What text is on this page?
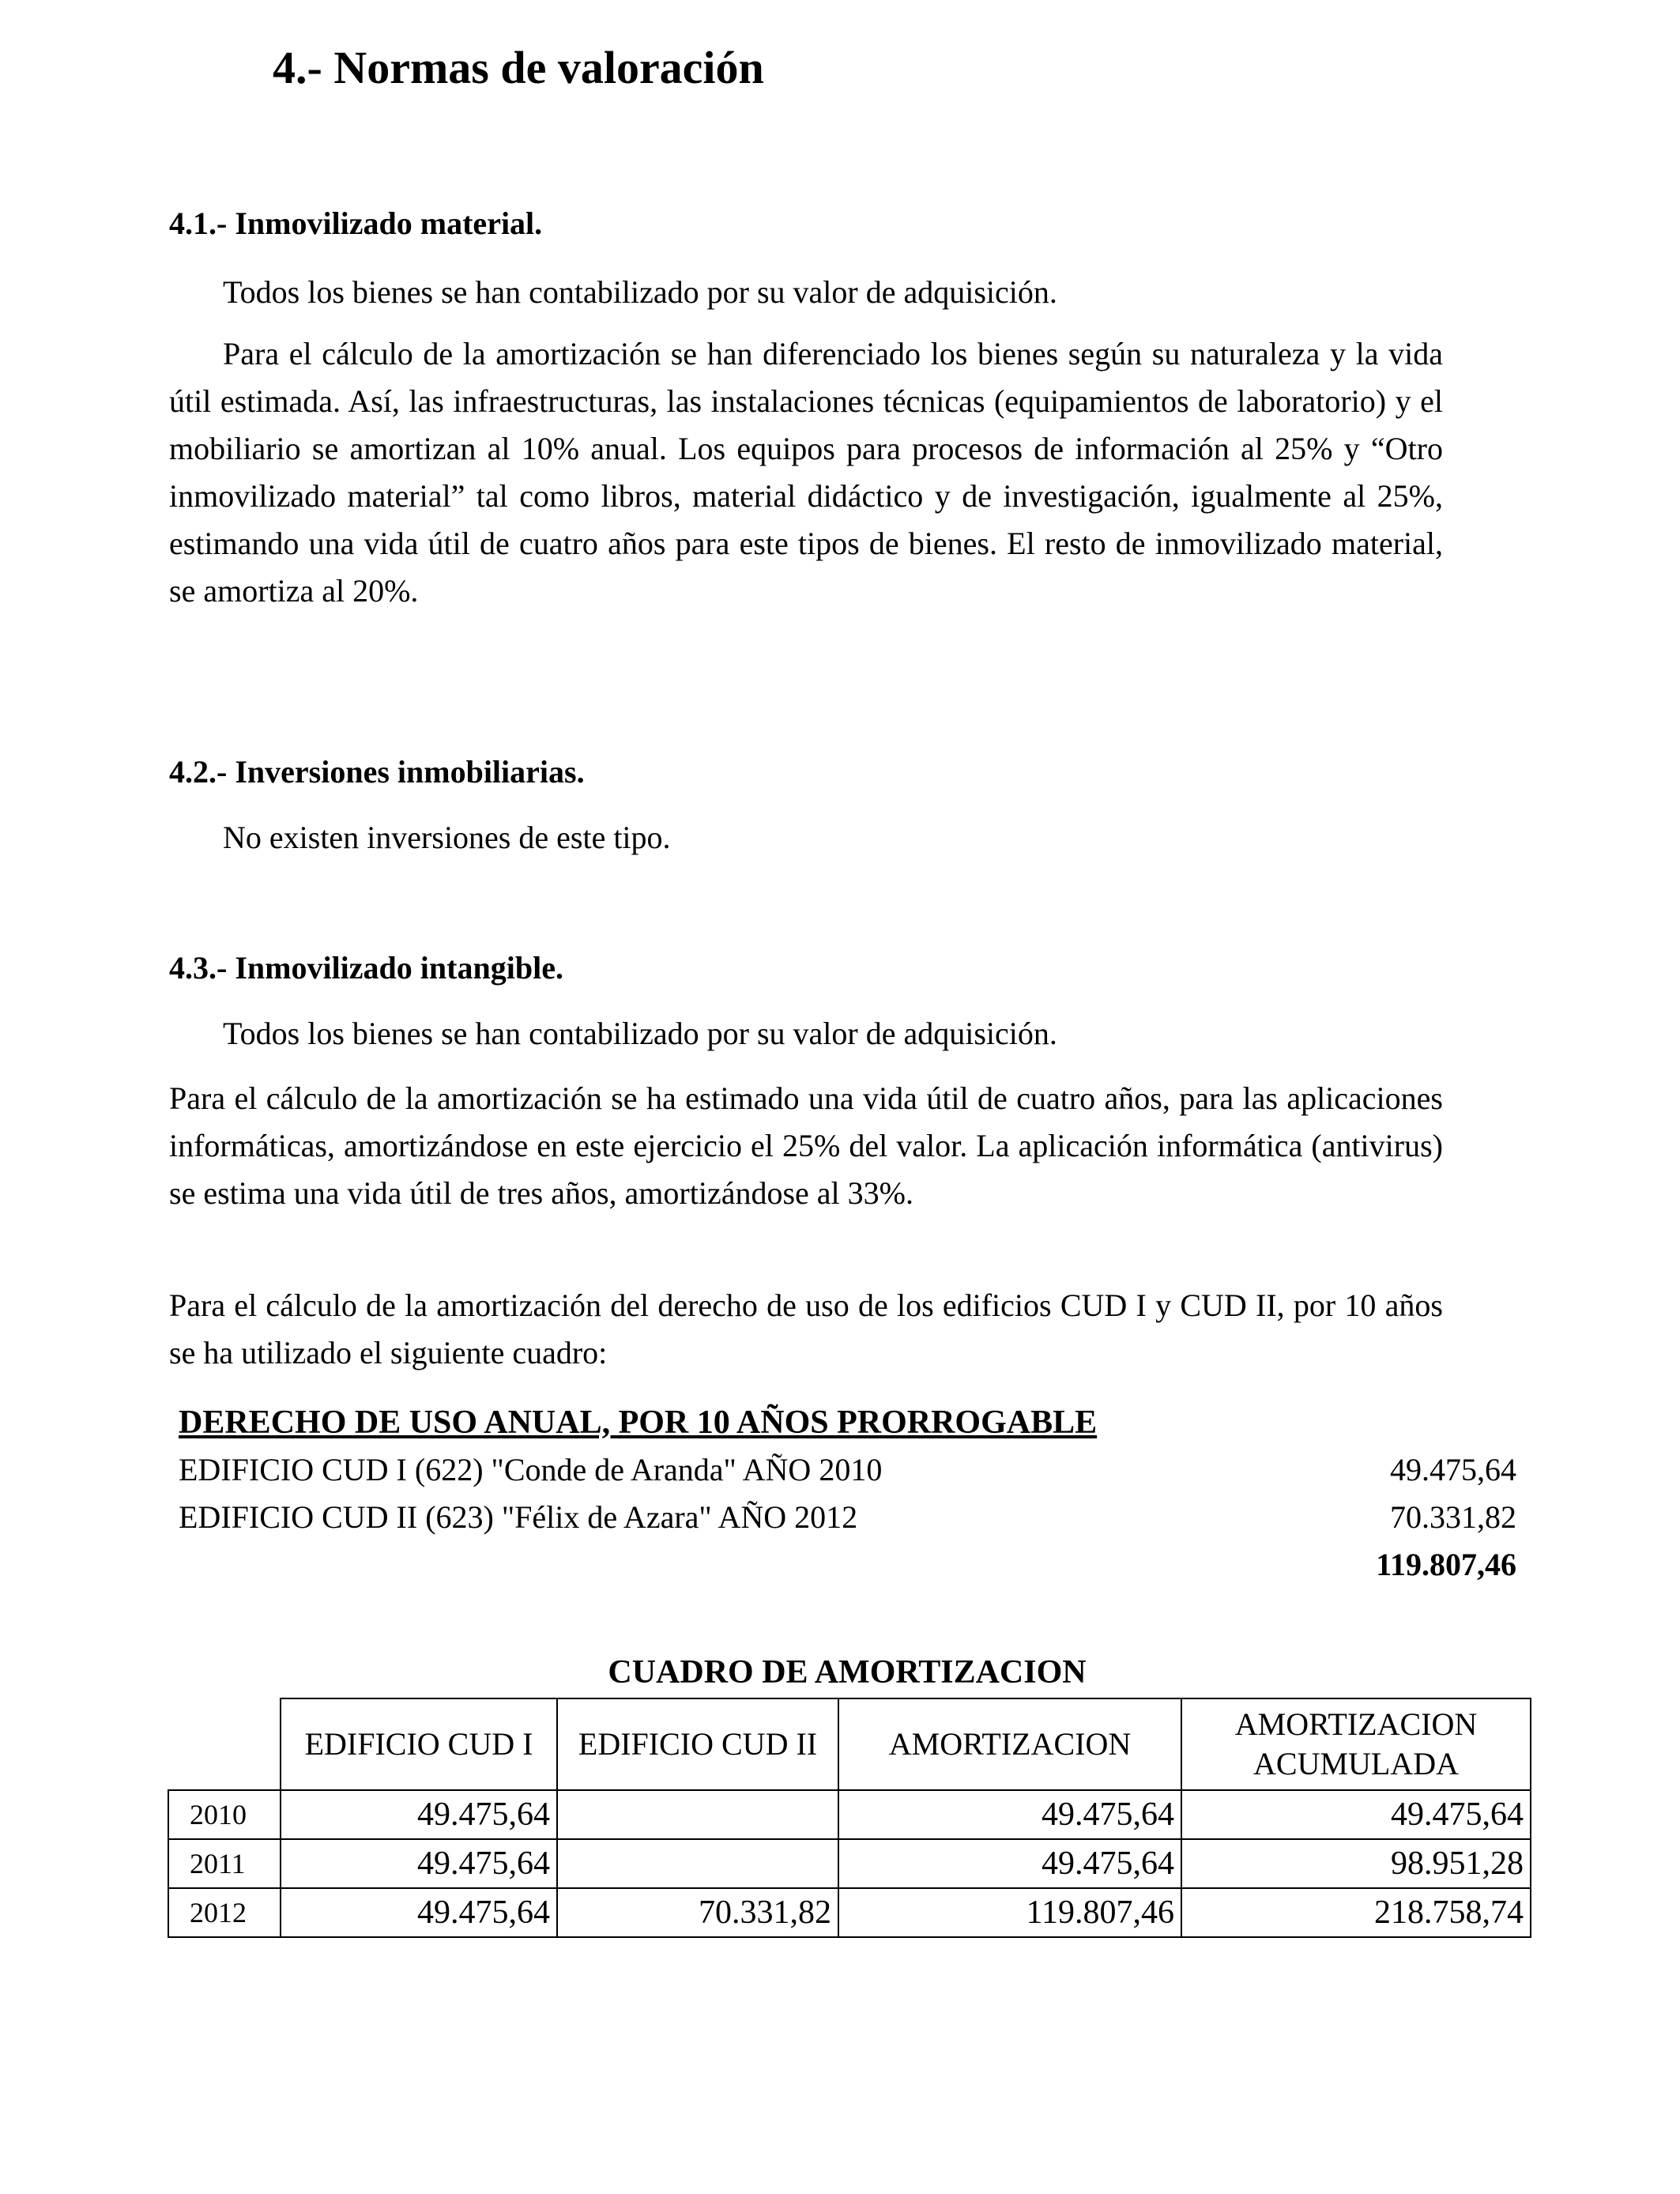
4.- Normas de valoración
4.1.- Inmovilizado material.

Todos los bienes se han contabilizado por su valor de adquisición.

Para el cálculo de la amortización se han diferenciado los bienes según su naturaleza y la vida útil estimada. Así, las infraestructuras, las instalaciones técnicas (equipamientos de laboratorio) y el mobiliario se amortizan al 10% anual. Los equipos para procesos de información al 25% y “Otro inmovilizado material” tal como libros, material didáctico y de investigación, igualmente al 25%, estimando una vida útil de cuatro años para este tipos de bienes. El resto de inmovilizado material, se amortiza al 20%.

4.2.- Inversiones inmobiliarias.

No existen inversiones de este tipo.

4.3.- Inmovilizado intangible.

Todos los bienes se han contabilizado por su valor de adquisición.

Para el cálculo de la amortización se ha estimado una vida útil de cuatro años, para las aplicaciones informáticas, amortizándose en este ejercicio el 25% del valor. La aplicación informática (antivirus) se estima una vida útil de tres años, amortizándose al 33%.

Para el cálculo de la amortización del derecho de uso de los edificios CUD I y CUD II, por 10 años se ha utilizado el siguiente cuadro:

DERECHO DE USO ANUAL, POR 10 AÑOS PRORROGABLE
EDIFICIO CUD I (622) "Conde de Aranda" AÑO 2010	49.475,64
EDIFICIO CUD II (623) "Félix de Azara" AÑO 2012	70.331,82
119.807,46
CUADRO DE AMORTIZACION
	EDIFICIO CUD I	EDIFICIO CUD II	AMORTIZACION	AMORTIZACION ACUMULADA
2010	49.475,64		49.475,64	49.475,64
2011	49.475,64		49.475,64	98.951,28
2012	49.475,64	70.331,82	119.807,46	218.758,74
